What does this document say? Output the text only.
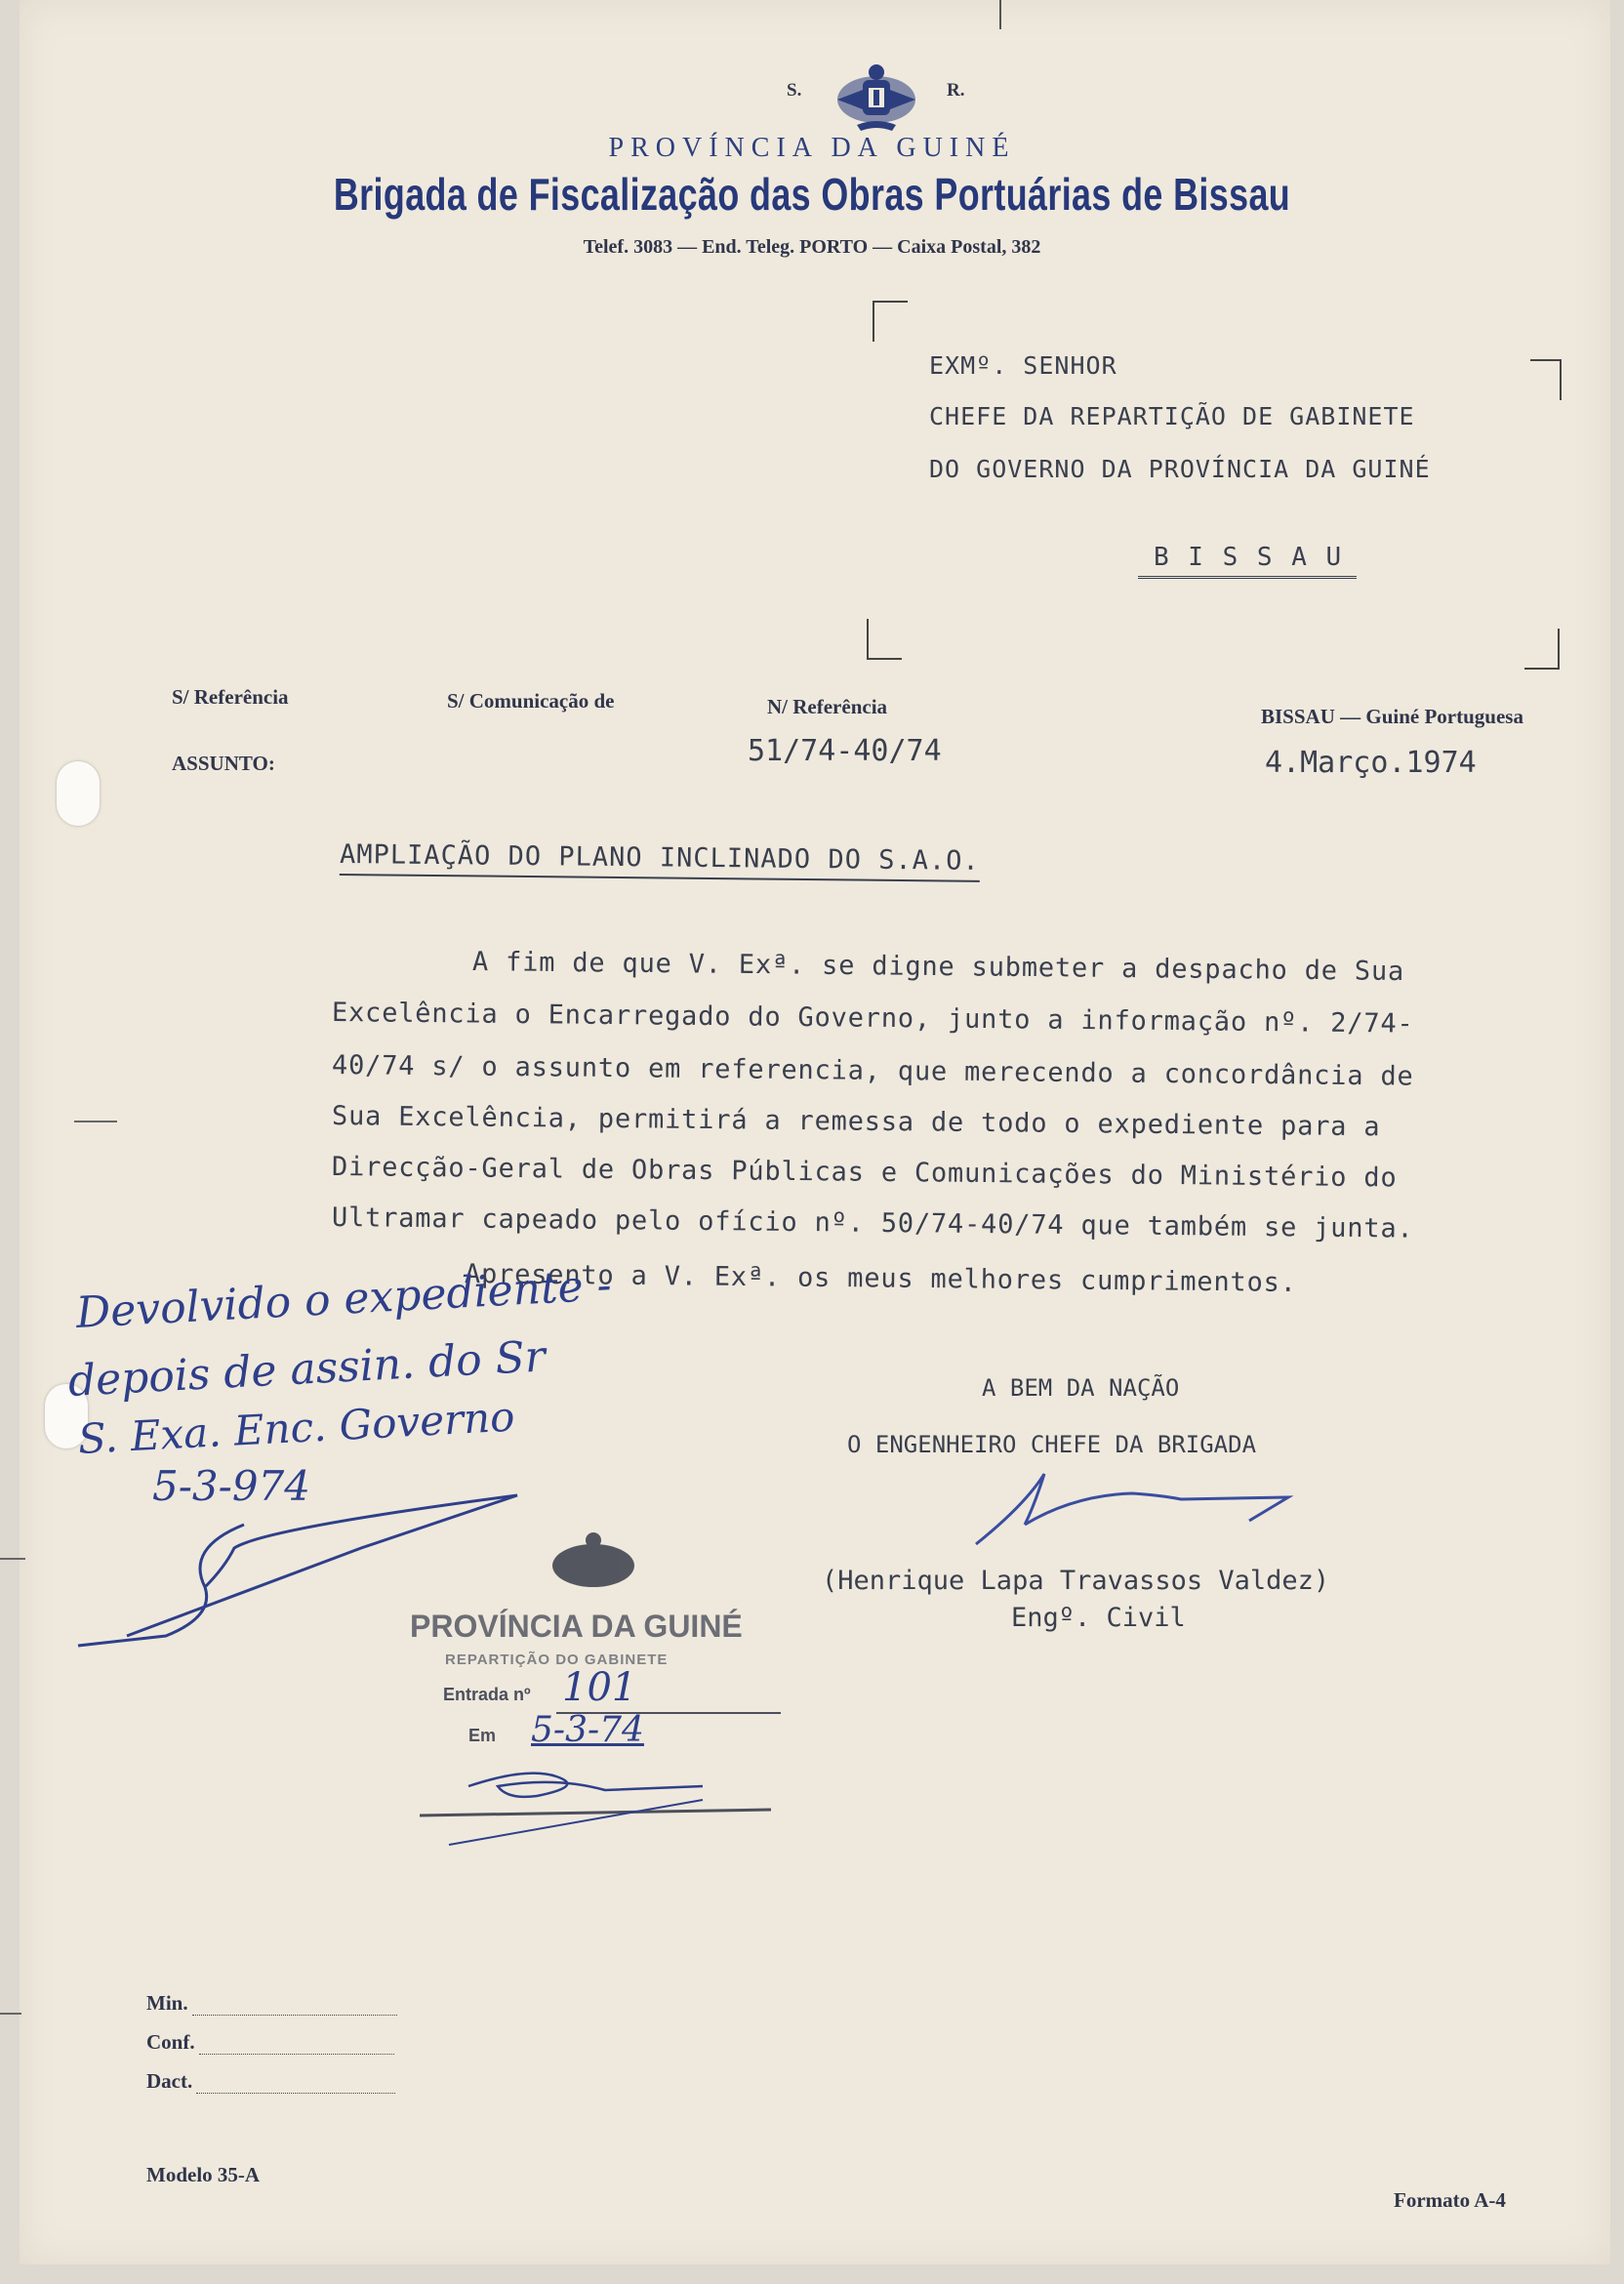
S.	R.
PROVÍNCIA DA GUINÉ
Brigada de Fiscalização das Obras Portuárias de Bissau
Telef. 3083 — End. Teleg. PORTO — Caixa Postal, 382
EXMº. SENHOR
CHEFE DA REPARTIÇÃO DE GABINETE
DO GOVERNO DA PROVÍNCIA DA GUINÉ
B I S S A U
S/ Referência	S/ Comunicação de	N/ Referência
51/74-40/74
BISSAU — Guiné Portuguesa
4.Março.1974
ASSUNTO:
AMPLIAÇÃO DO PLANO INCLINADO DO S.A.O.
A fim de que V. Exª. se digne submeter a despacho de Sua
Excelência o Encarregado do Governo, junto a informação nº. 2/74-
40/74 s/ o assunto em referencia, que merecendo a concordância de
Sua Excelência, permitirá a remessa de todo o expediente para a
Direcção-Geral de Obras Públicas e Comunicações do Ministério do
Ultramar capeado pelo ofício nº. 50/74-40/74 que também se junta.
Apresento a V. Exª. os meus melhores cumprimentos.
A BEM DA NAÇÃO
O ENGENHEIRO CHEFE DA BRIGADA
(Henrique Lapa Travassos Valdez)
Engº. Civil
Devolvido o expediente -
depois de assin. do Sr
S. Exa. Enc. Governo
5-3-974
PROVÍNCIA DA GUINÉ
REPARTIÇÃO DO GABINETE
Entrada nº 101
Em 5-3-74
Min.
Conf.
Dact.
Modelo 35-A
Formato A-4
